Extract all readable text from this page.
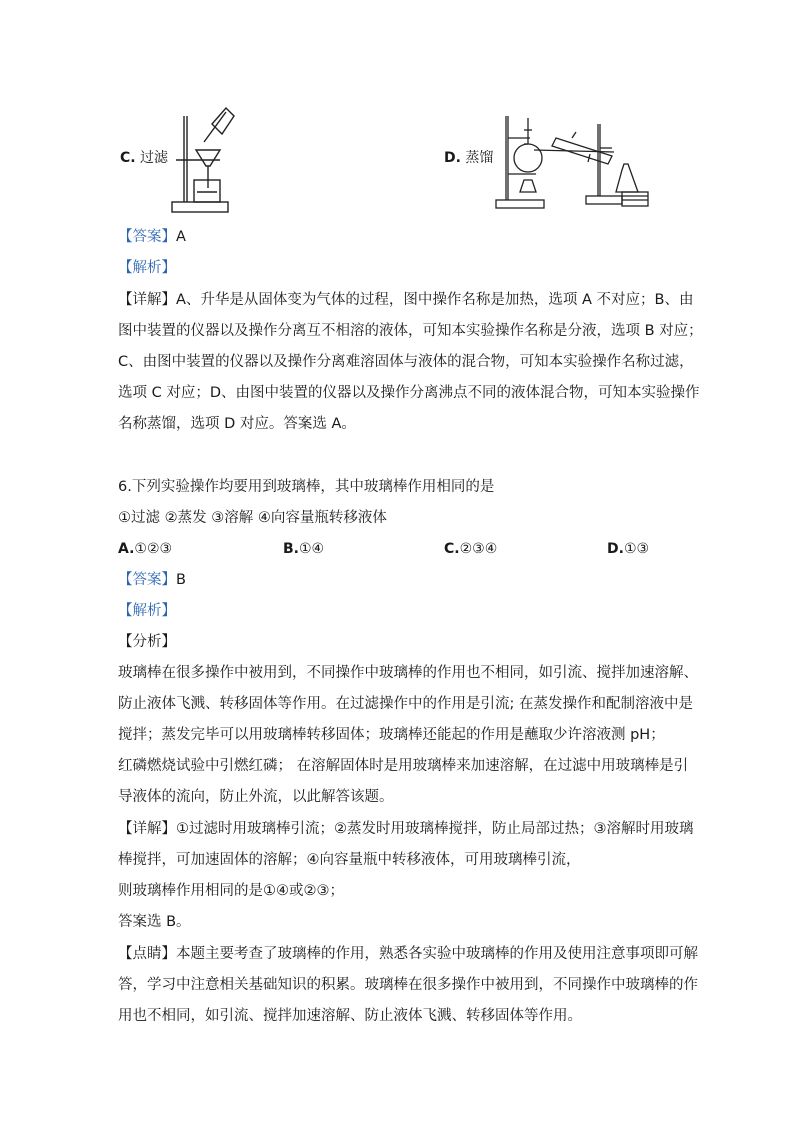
C. 过滤	D. 蒸馏
【答案】A
【解析】
【详解】A、升华是从固体变为气体的过程，图中操作名称是加热，选项 A 不对应；B、由
图中装置的仪器以及操作分离互不相溶的液体，可知本实验操作名称是分液，选项 B 对应；
C、由图中装置的仪器以及操作分离难溶固体与液体的混合物，可知本实验操作名称过滤，
选项 C 对应；D、由图中装置的仪器以及操作分离沸点不同的液体混合物，可知本实验操作
名称蒸馏，选项 D 对应。答案选 A。
6.下列实验操作均要用到玻璃棒，其中玻璃棒作用相同的是
①过滤 ②蒸发 ③溶解 ④向容量瓶转移液体
A.①②③	B.①④	C.②③④	D.①③
【答案】B
【解析】
【分析】
玻璃棒在很多操作中被用到，不同操作中玻璃棒的作用也不相同，如引流、搅拌加速溶解、
防止液体飞溅、转移固体等作用。在过滤操作中的作用是引流; 在蒸发操作和配制溶液中是
搅拌；蒸发完毕可以用玻璃棒转移固体；玻璃棒还能起的作用是蘸取少许溶液测 pH；
红磷燃烧试验中引燃红磷； 在溶解固体时是用玻璃棒来加速溶解，在过滤中用玻璃棒是引
导液体的流向，防止外流，以此解答该题。
【详解】①过滤时用玻璃棒引流；②蒸发时用玻璃棒搅拌，防止局部过热；③溶解时用玻璃
棒搅拌，可加速固体的溶解；④向容量瓶中转移液体，可用玻璃棒引流，
则玻璃棒作用相同的是①④或②③；
答案选 B。
【点睛】本题主要考查了玻璃棒的作用，熟悉各实验中玻璃棒的作用及使用注意事项即可解
答，学习中注意相关基础知识的积累。玻璃棒在很多操作中被用到，不同操作中玻璃棒的作
用也不相同，如引流、搅拌加速溶解、防止液体飞溅、转移固体等作用。
